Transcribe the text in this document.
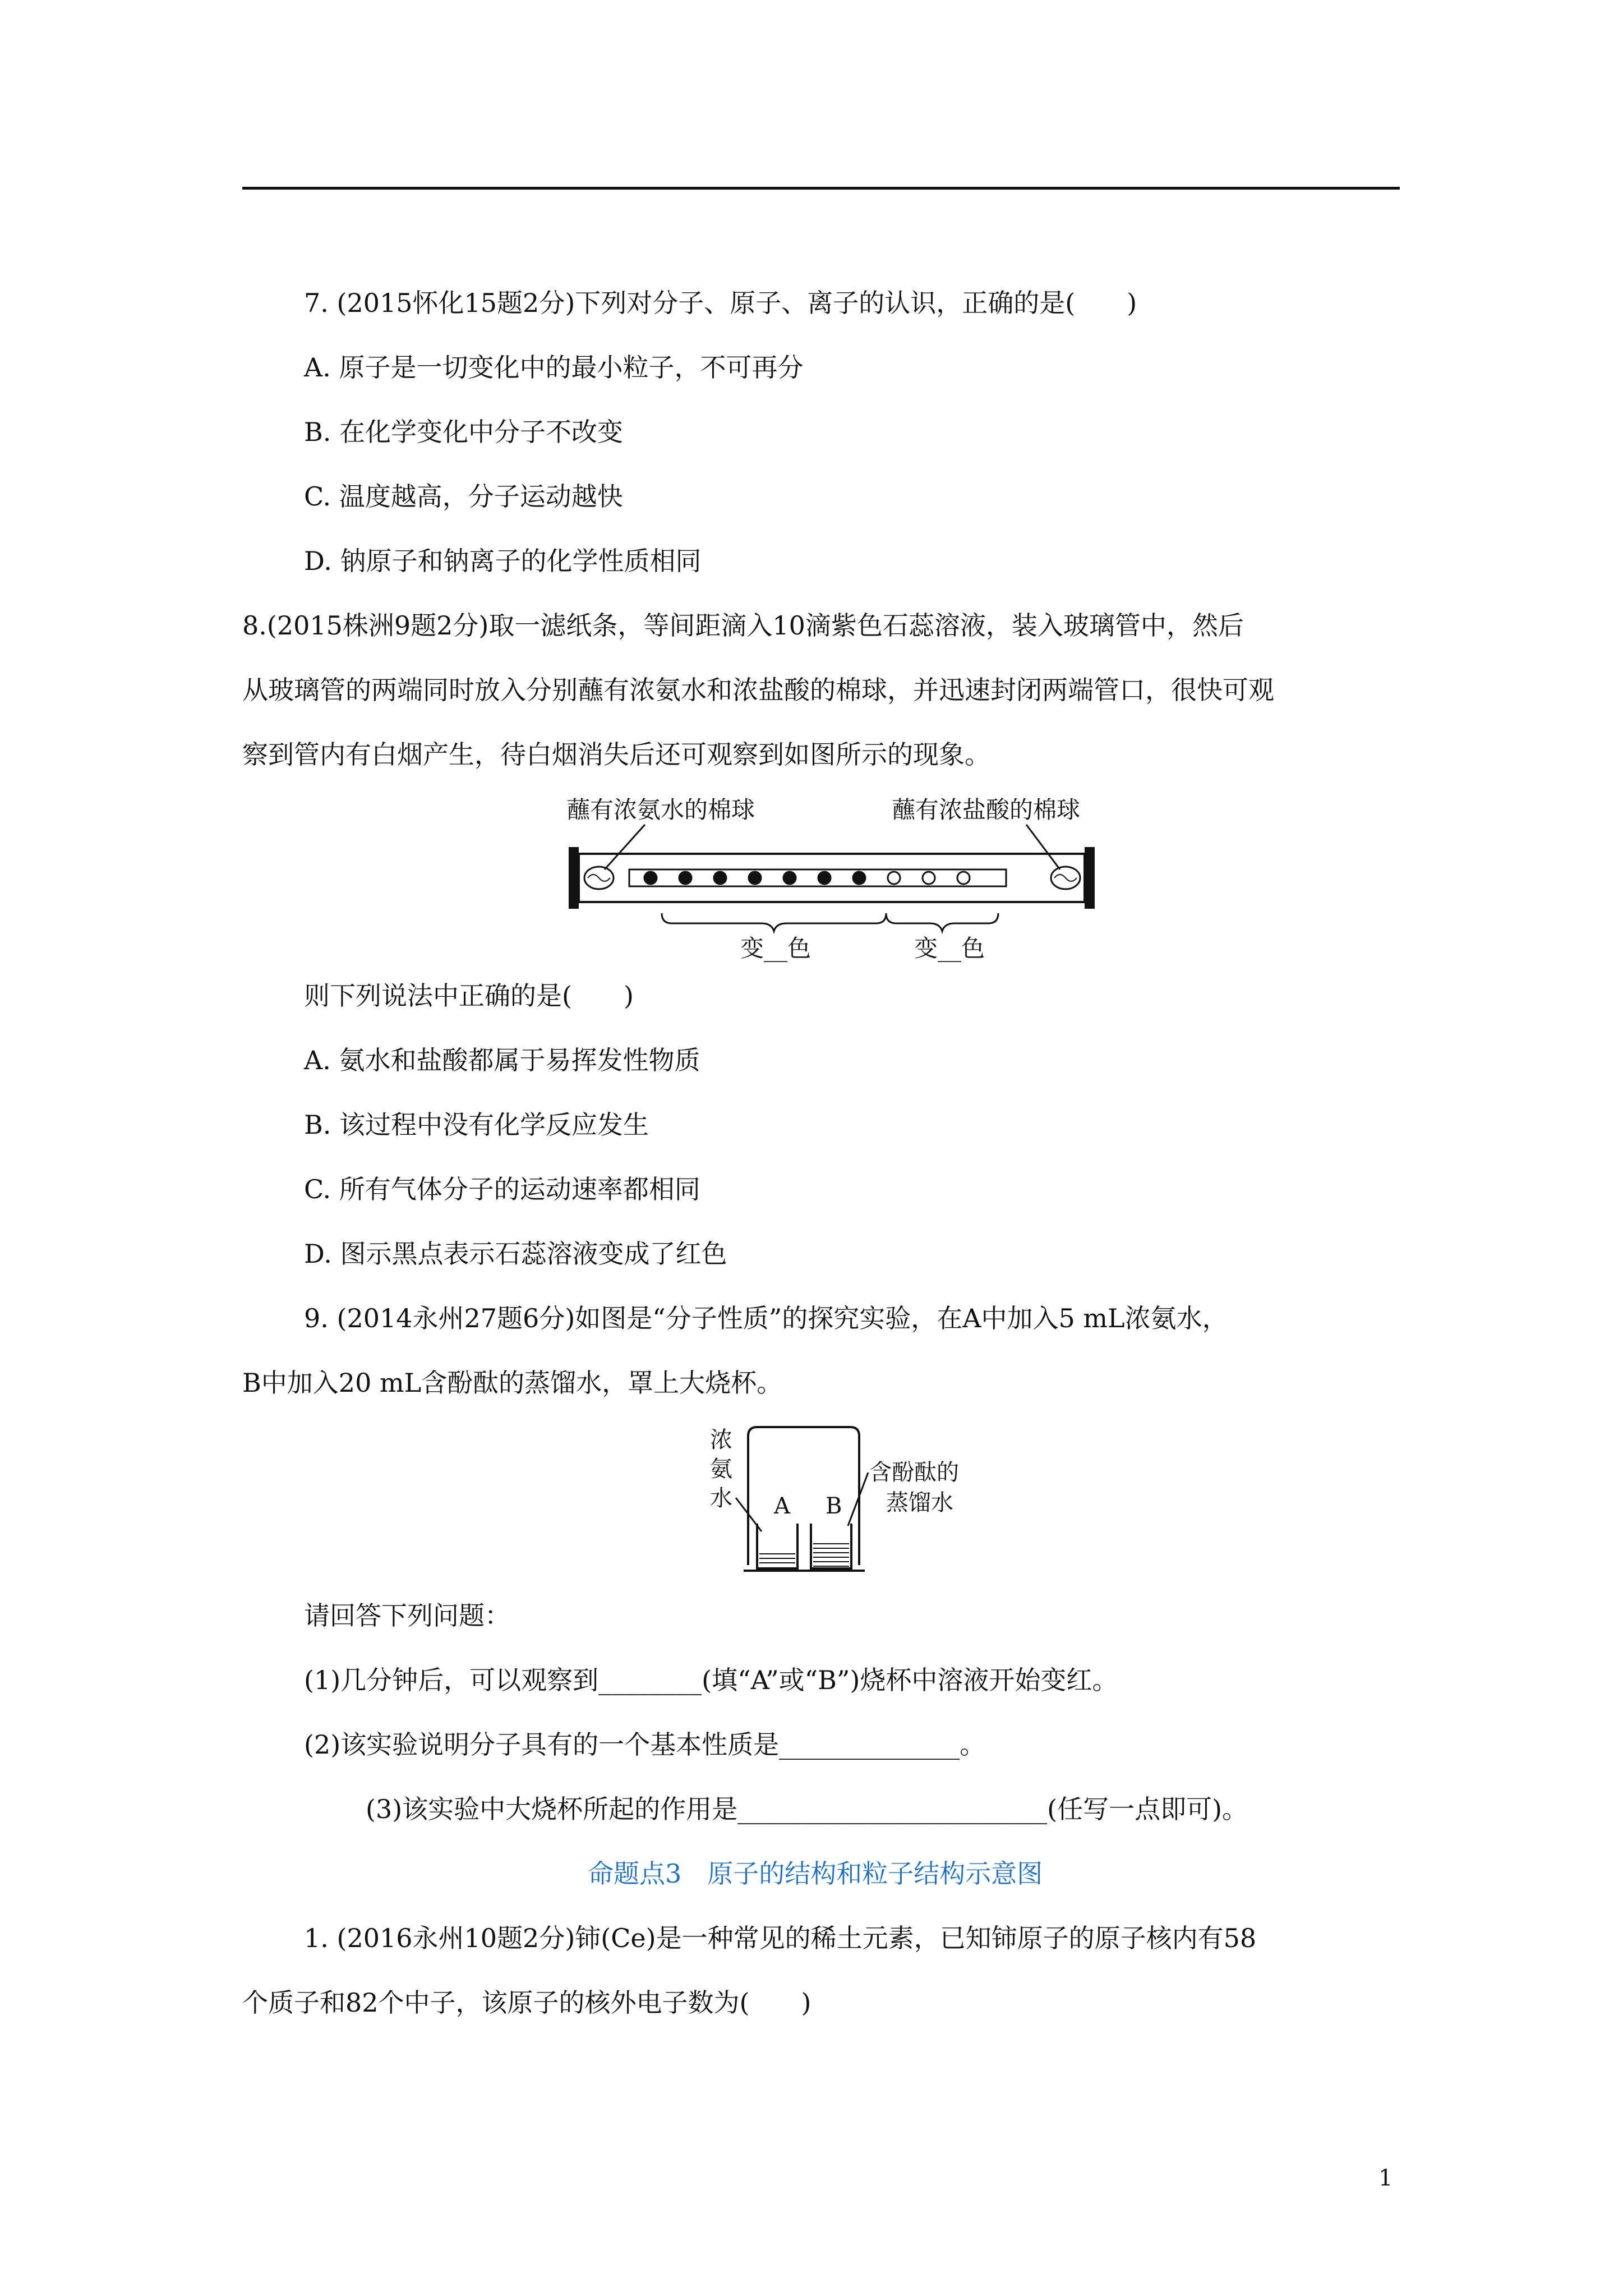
7. (2015怀化15题2分)下列对分子、原子、离子的认识，正确的是(　　)
A. 原子是一切变化中的最小粒子，不可再分
B. 在化学变化中分子不改变
C. 温度越高，分子运动越快
D. 钠原子和钠离子的化学性质相同
8.(2015株洲9题2分)取一滤纸条，等间距滴入10滴紫色石蕊溶液，装入玻璃管中，然后
从玻璃管的两端同时放入分别蘸有浓氨水和浓盐酸的棉球，并迅速封闭两端管口，很快可观
察到管内有白烟产生，待白烟消失后还可观察到如图所示的现象。
蘸有浓氨水的棉球	蘸有浓盐酸的棉球
变__色	变__色
则下列说法中正确的是(　　)
A. 氨水和盐酸都属于易挥发性物质
B. 该过程中没有化学反应发生
C. 所有气体分子的运动速率都相同
D. 图示黑点表示石蕊溶液变成了红色
9. (2014永州27题6分)如图是“分子性质”的探究实验，在A中加入5 mL浓氨水，
B中加入20 mL含酚酞的蒸馏水，罩上大烧杯。
浓
氨
水
含酚酞的
蒸馏水
A B
请回答下列问题：
(1)几分钟后，可以观察到________(填“A”或“B”)烧杯中溶液开始变红。
(2)该实验说明分子具有的一个基本性质是______________。
(3)该实验中大烧杯所起的作用是________________________(任写一点即可)。
命题点3　原子的结构和粒子结构示意图
1. (2016永州10题2分)铈(Ce)是一种常见的稀土元素，已知铈原子的原子核内有58
个质子和82个中子，该原子的核外电子数为(　　)
1
